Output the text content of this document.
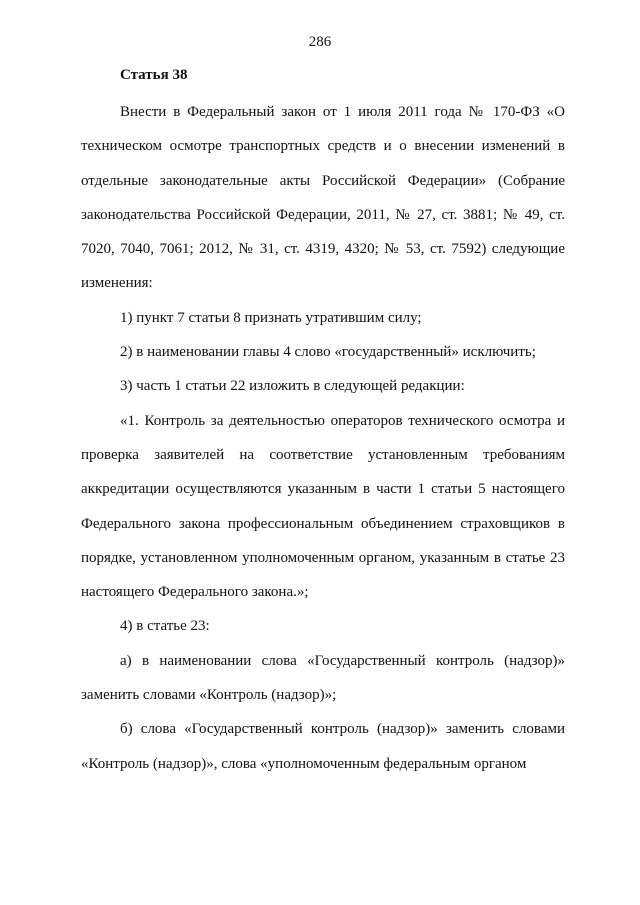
286
Статья 38

Внести в Федеральный закон от 1 июля 2011 года № 170-ФЗ «О техническом осмотре транспортных средств и о внесении изменений в отдельные законодательные акты Российской Федерации» (Собрание законодательства Российской Федерации, 2011, № 27, ст. 3881; № 49, ст. 7020, 7040, 7061; 2012, № 31, ст. 4319, 4320; № 53, ст. 7592) следующие изменения:

1) пункт 7 статьи 8 признать утратившим силу;

2) в наименовании главы 4 слово «государственный» исключить;

3) часть 1 статьи 22 изложить в следующей редакции:

«1. Контроль за деятельностью операторов технического осмотра и проверка заявителей на соответствие установленным требованиям аккредитации осуществляются указанным в части 1 статьи 5 настоящего Федерального закона профессиональным объединением страховщиков в порядке, установленном уполномоченным органом, указанным в статье 23 настоящего Федерального закона.»;

4) в статье 23:

а) в наименовании слова «Государственный контроль (надзор)» заменить словами «Контроль (надзор)»;

б) слова «Государственный контроль (надзор)» заменить словами «Контроль (надзор)», слова «уполномоченным федеральным органом
